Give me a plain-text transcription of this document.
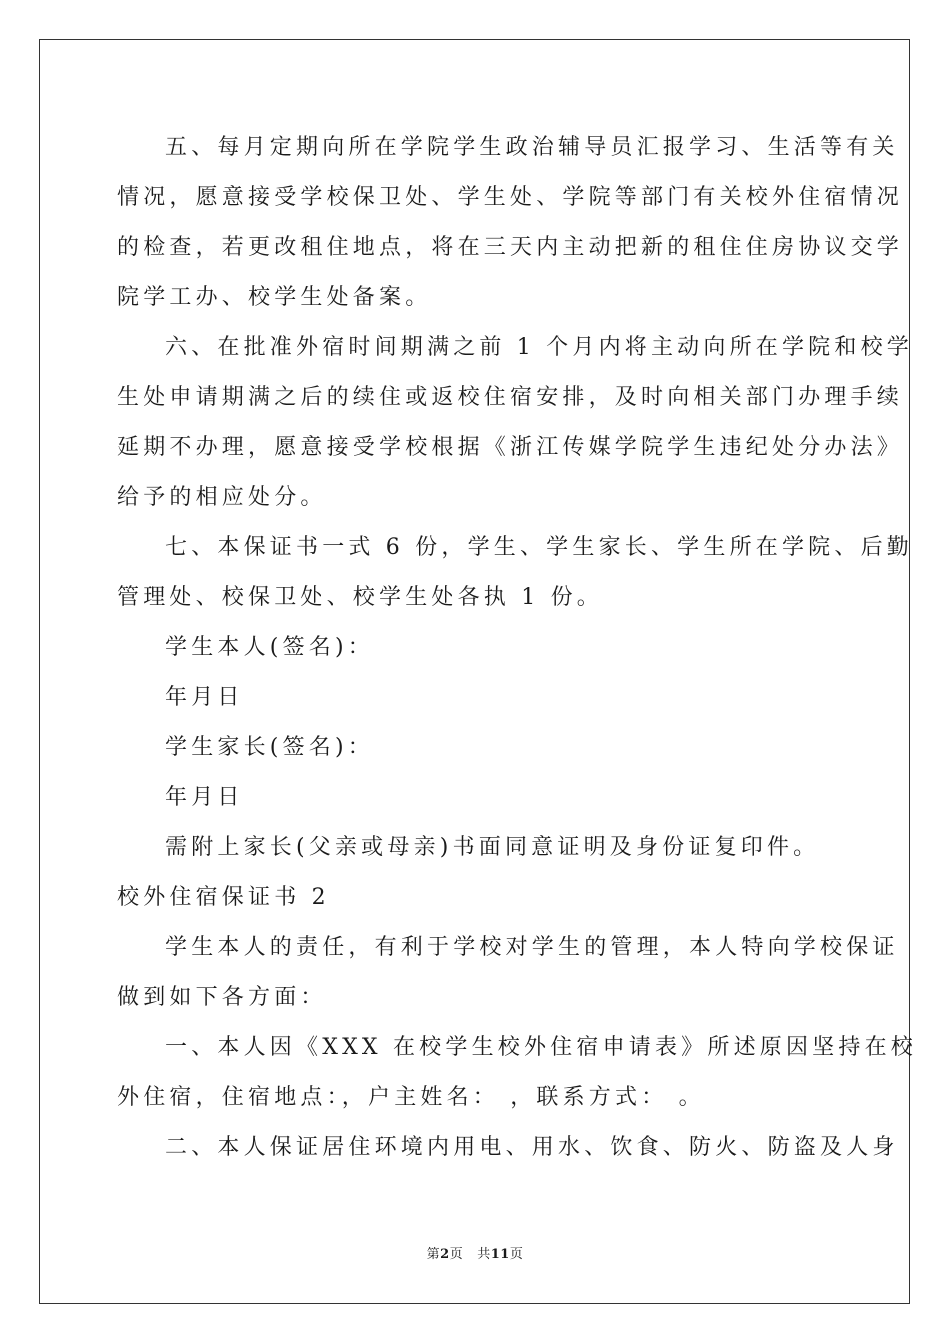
五、每月定期向所在学院学生政治辅导员汇报学习、生活等有关
情况，愿意接受学校保卫处、学生处、学院等部门有关校外住宿情况
的检查，若更改租住地点，将在三天内主动把新的租住住房协议交学
院学工办、校学生处备案。
六、在批准外宿时间期满之前 1 个月内将主动向所在学院和校学
生处申请期满之后的续住或返校住宿安排，及时向相关部门办理手续
延期不办理，愿意接受学校根据《浙江传媒学院学生违纪处分办法》
给予的相应处分。
七、本保证书一式 6 份，学生、学生家长、学生所在学院、后勤
管理处、校保卫处、校学生处各执 1 份。
学生本人(签名)：
年月日
学生家长(签名)：
年月日
需附上家长(父亲或母亲)书面同意证明及身份证复印件。
校外住宿保证书 2
学生本人的责任，有利于学校对学生的管理，本人特向学校保证
做到如下各方面：
一、本人因《XXX 在校学生校外住宿申请表》所述原因坚持在校
外住宿，住宿地点：，户主姓名： ，联系方式： 。
二、本人保证居住环境内用电、用水、饮食、防火、防盗及人身
第2页 共11页
